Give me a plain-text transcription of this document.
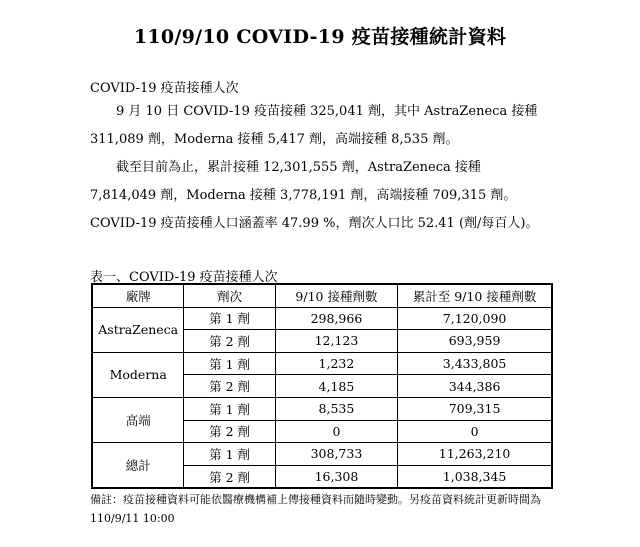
110/9/10 COVID-19 疫苗接種統計資料
COVID-19 疫苗接種人次
9 月 10 日 COVID-19 疫苗接種 325,041 劑，其中 AstraZeneca 接種 311,089 劑，Moderna 接種 5,417 劑，高端接種 8,535 劑。
截至目前為止，累計接種 12,301,555 劑，AstraZeneca 接種 7,814,049 劑，Moderna 接種 3,778,191 劑，高端接種 709,315 劑。COVID-19 疫苗接種人口涵蓋率 47.99 %，劑次人口比 52.41 (劑/每百人)。
表一、COVID-19 疫苗接種人次
廠牌	劑次	9/10 接種劑數	累計至 9/10 接種劑數
AstraZeneca	第 1 劑	298,966	7,120,090
	第 2 劑	12,123	693,959
Moderna	第 1 劑	1,232	3,433,805
	第 2 劑	4,185	344,386
高端	第 1 劑	8,535	709,315
	第 2 劑	0	0
總計	第 1 劑	308,733	11,263,210
	第 2 劑	16,308	1,038,345
備註：疫苗接種資料可能依醫療機構補上傳接種資料而隨時變動。另疫苗資料統計更新時間為 110/9/11 10:00
